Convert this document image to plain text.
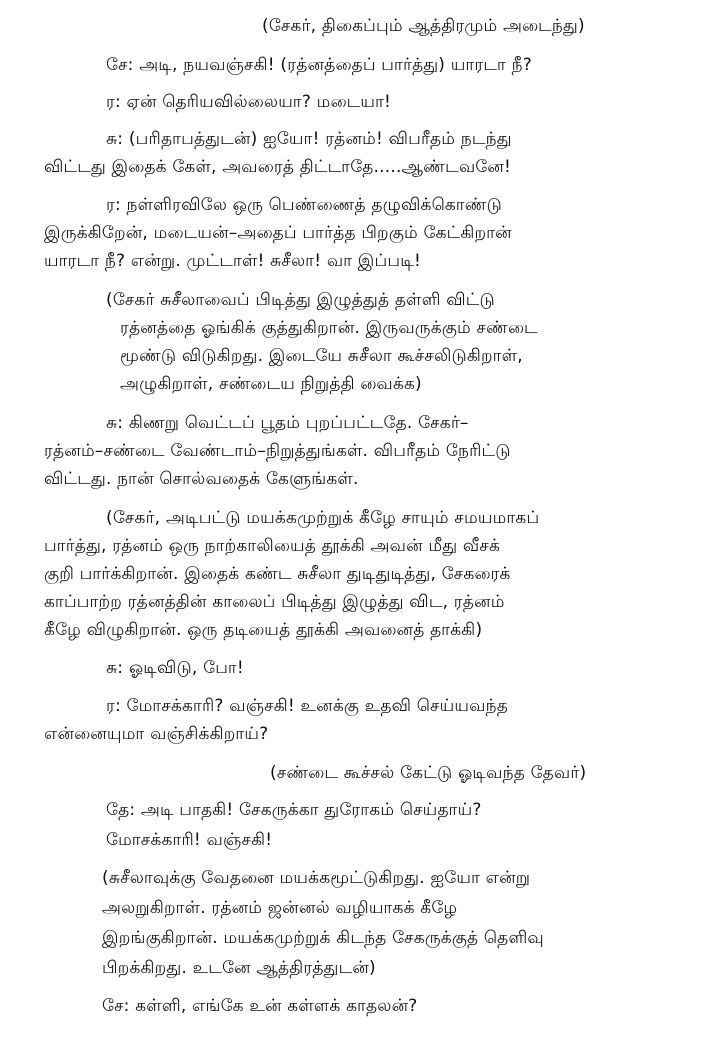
(சேகர், திகைப்பும் ஆத்திரமும் அடைந்து)
சே: அடி, நயவஞ்சகி! (ரத்னத்தைப் பார்த்து) யாரடா நீ?
ர: ஏன் தெரியவில்லையா? மடையா!
சு: (பரிதாபத்துடன்) ஐயோ! ரத்னம்! விபரீதம் நடந்து
விட்டது இதைக் கேள், அவரைத் திட்டாதே.....ஆண்டவனே!
ர: நள்ளிரவிலே ஒரு பெண்ணைத் தழுவிக்கொண்டு
இருக்கிறேன், மடையன்–அதைப் பார்த்த பிறகும் கேட்கிறான்
யாரடா நீ? என்று. முட்டாள்! சுசீலா! வா இப்படி!
(சேகர் சுசீலாவைப் பிடித்து இழுத்துத் தள்ளி விட்டு
ரத்னத்தை ஓங்கிக் குத்துகிறான். இருவருக்கும் சண்டை
மூண்டு விடுகிறது. இடையே சுசீலா கூச்சலிடுகிறாள்,
அழுகிறாள், சண்டைய நிறுத்தி வைக்க)
சு: கிணறு வெட்டப் பூதம் புறப்பட்டதே. சேகர்–
ரத்னம்–சண்டை வேண்டாம்–நிறுத்துங்கள். விபரீதம் நேரிட்டு
விட்டது. நான் சொல்வதைக் கேளுங்கள்.
(சேகர், அடிபட்டு மயக்கமுற்றுக் கீழே சாயும் சமயமாகப்
பார்த்து, ரத்னம் ஒரு நாற்காலியைத் தூக்கி அவன் மீது வீசக்
குறி பார்க்கிறான். இதைக் கண்ட சுசீலா துடிதுடித்து, சேகரைக்
காப்பாற்ற ரத்னத்தின் காலைப் பிடித்து இழுத்து விட, ரத்னம்
கீழே விழுகிறான். ஒரு தடியைத் தூக்கி அவனைத் தாக்கி)
சு: ஓடிவிடு, போ!
ர: மோசக்காரி? வஞ்சகி! உனக்கு உதவி செய்யவந்த
என்னையுமா வஞ்சிக்கிறாய்?
(சண்டை கூச்சல் கேட்டு ஓடிவந்த தேவர்)
தே: அடி பாதகி! சேகருக்கா துரோகம் செய்தாய்?
மோசக்காரி! வஞ்சகி!
(சுசீலாவுக்கு வேதனை மயக்கமூட்டுகிறது. ஐயோ என்று
அலறுகிறாள். ரத்னம் ஜன்னல் வழியாகக் கீழே
இறங்குகிறான். மயக்கமுற்றுக் கிடந்த சேகருக்குத் தெளிவு
பிறக்கிறது. உடனே ஆத்திரத்துடன்)
சே: கள்ளி, எங்கே உன் கள்ளக் காதலன்?
